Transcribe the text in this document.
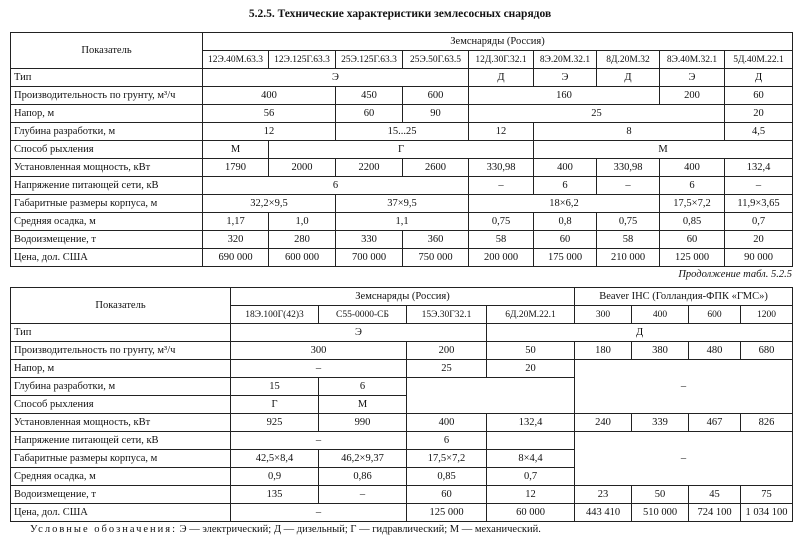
5.2.5. Технические характеристики землесосных снарядов
Показатель	Земснаряды (Россия)								
	12Э.40М.63.3	12Э.125Г.63.3	25Э.125Г.63.3	25Э.50Г.63.5	12Д.30Г.32.1	8Э.20М.32.1	8Д.20М.32	8Э.40М.32.1	5Д.40М.22.1
Тип	Э				Д	Э	Д	Э	Д
Производительность по грунту, м³/ч	400		450	600	160			200	60
Напор, м	56		60	90	25				20
Глубина разработки, м	12		15...25		12	8			4,5
Способ рыхления	М	Г				М			
Установленная мощность, кВт	1790	2000	2200	2600	330,98	400	330,98	400	132,4
Напряжение питающей сети, кВ	6				–	6	–	6	–
Габаритные размеры корпуса, м	32,2×9,5		37×9,5		18×6,2			17,5×7,2	11,9×3,65
Средняя осадка, м	1,17	1,0	1,1		0,75	0,8	0,75	0,85	0,7
Водоизмещение, т	320	280	330	360	58	60	58	60	20
Цена, дол. США	690 000	600 000	700 000	750 000	200 000	175 000	210 000	125 000	90 000
Продолжение табл. 5.2.5
Показатель	Земснаряды (Россия)				Beaver IHC (Голландия-ФПК «ГМС»)			
	18Э.100Г(42)3	С55-0000-СБ	15Э.30Г32.1	6Д.20М.22.1	300	400	600	1200
Тип	Э			Д				
Производительность по грунту, м³/ч	300		200	50	180	380	480	680
Напор, м	–		25	20	–			
Глубина разработки, м	15	6						
Способ рыхления	Г	М						
Установленная мощность, кВт	925	990	400	132,4	240	339	467	826
Напряжение питающей сети, кВ	–		6		–			
Габаритные размеры корпуса, м	42,5×8,4	46,2×9,37	17,5×7,2	8×4,4				
Средняя осадка, м	0,9	0,86	0,85	0,7				
Водоизмещение, т	135	–	60	12	23	50	45	75
Цена, дол. США	–		125 000	60 000	443 410	510 000	724 100	1 034 100
Условные обозначения: Э — электрический; Д — дизельный; Г — гидравлический; М — механический.
